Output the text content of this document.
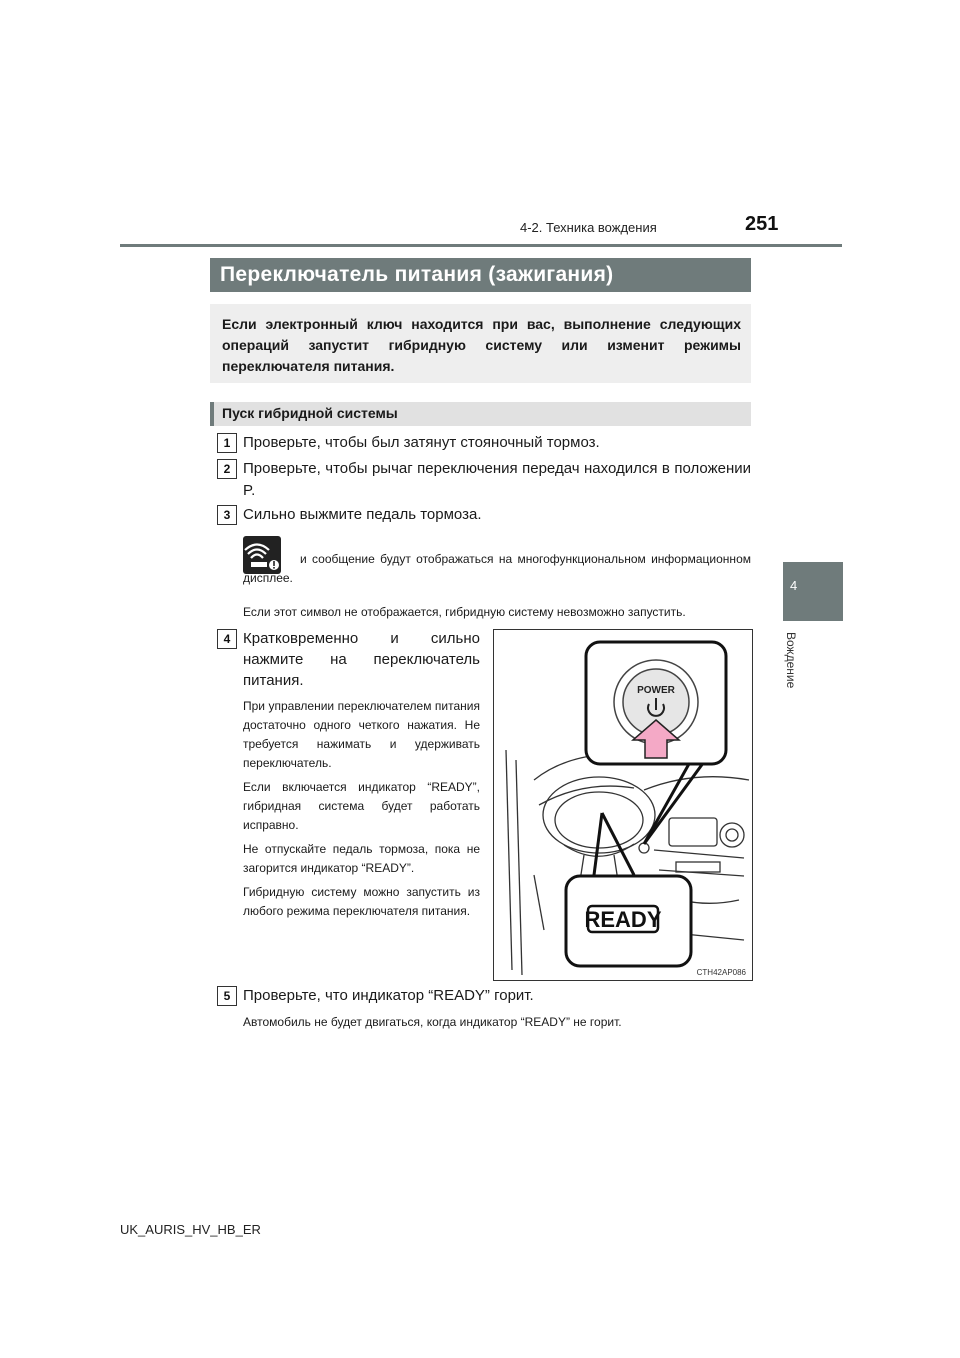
4-2. Техника вождения	251
4
Вождение
Переключатель питания (зажигания)
Если электронный ключ находится при вас, выполнение следующих операций запустит гибридную систему или изменит режимы переключателя питания.
Пуск гибридной системы
1 Проверьте, чтобы был затянут стояночный тормоз.
2 Проверьте, чтобы рычаг переключения передач находился в положении P.
3 Сильно выжмите педаль тормоза.
и сообщение будут отображаться на многофункциональном информационном дисплее.
Если этот символ не отображается, гибридную систему невозможно запустить.
4 Кратковременно и сильно нажмите на переключатель питания.
При управлении переключателем питания достаточно одного четкого нажатия. Не требуется нажимать и удерживать переключатель.
Если включается индикатор “READY”, гибридная система будет работать исправно.
Не отпускайте педаль тормоза, пока не загорится индикатор “READY”.
Гибридную систему можно запустить из любого режима переключателя питания.
POWER
READY
CTH42AP086
5 Проверьте, что индикатор “READY” горит.
Автомобиль не будет двигаться, когда индикатор “READY” не горит.
UK_AURIS_HV_HB_ER
